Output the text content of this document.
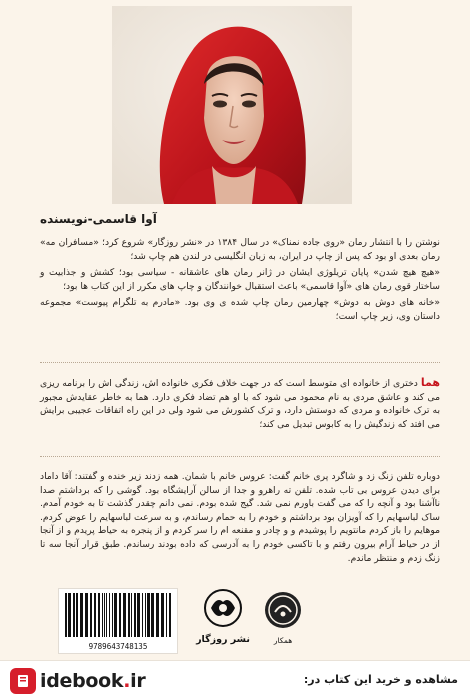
آوا قاسمی-نویسنده

نوشتن را با انتشار رمان «روی جاده نمناک» در سال ۱۳۸۴ در «نشر روزگار» شروع کرد؛ «مسافران مه» رمان بعدی او بود که پس از چاپ در ایران، به زبان انگلیسی در لندن هم چاپ شد؛

«هیچ هیچ شدن» پایان تریلوژی ایشان در ژانر رمان های عاشقانه - سیاسی بود؛ کشش و جذابیت و ساختار قوی رمان های «آوا قاسمی» باعث استقبال خوانندگان و چاپ های مکرر از این کتاب ها بود؛

«خانه های دوش به دوش» چهارمین رمان چاپ شده ی وی بود. «مادرم به تلگرام پیوست» مجموعه داستان وی، زیر چاپ است؛

هما دختری از خانواده ای متوسط است که در جهت خلاف فکری خانواده اش، زندگی اش را برنامه ریزی می کند و عاشق مردی به نام محمود می شود که با او هم تضاد فکری دارد. هما به خاطر عقایدش مجبور به ترک خانواده و مردی که دوستش دارد، و ترک کشورش می شود ولی در این راه اتفاقات عجیبی برایش می افتد که زندگیش را به کابوس تبدیل می کند؛
دوباره تلفن زنگ زد و شاگرد پری خانم گفت: عروس خانم با شمان. همه زدند زیر خنده و گفتند: آقا داماد برای دیدن عروس بی تاب شده. تلفن ته راهرو و جدا از سالن آرایشگاه بود. گوشی را که برداشتم صدا ناآشنا بود و آنچه را که می گفت باورم نمی شد. گیج شده بودم. نمی دانم چقدر گذشت تا به خودم آمدم. ساک لباسهایم را که آویزان بود برداشتم و خودم را به حمام رساندم، و به سرعت لباسهایم را عوض کردم. موهایم را باز کردم مانتویم را پوشیدم و و چادر و مقنعه ام را سر کردم و از پنجره به حیاط پریدم و از آنجا از در حیاط آرام بیرون رفتم و با تاکسی خودم را به آدرسی که داده بودند رساندم. طبق قرار آنجا سه تا زنگ زدم و منتظر ماندم.
9789643748135
نشر روزگار	همکار
idebook.ir	مشاهده و خرید این کتاب در:
